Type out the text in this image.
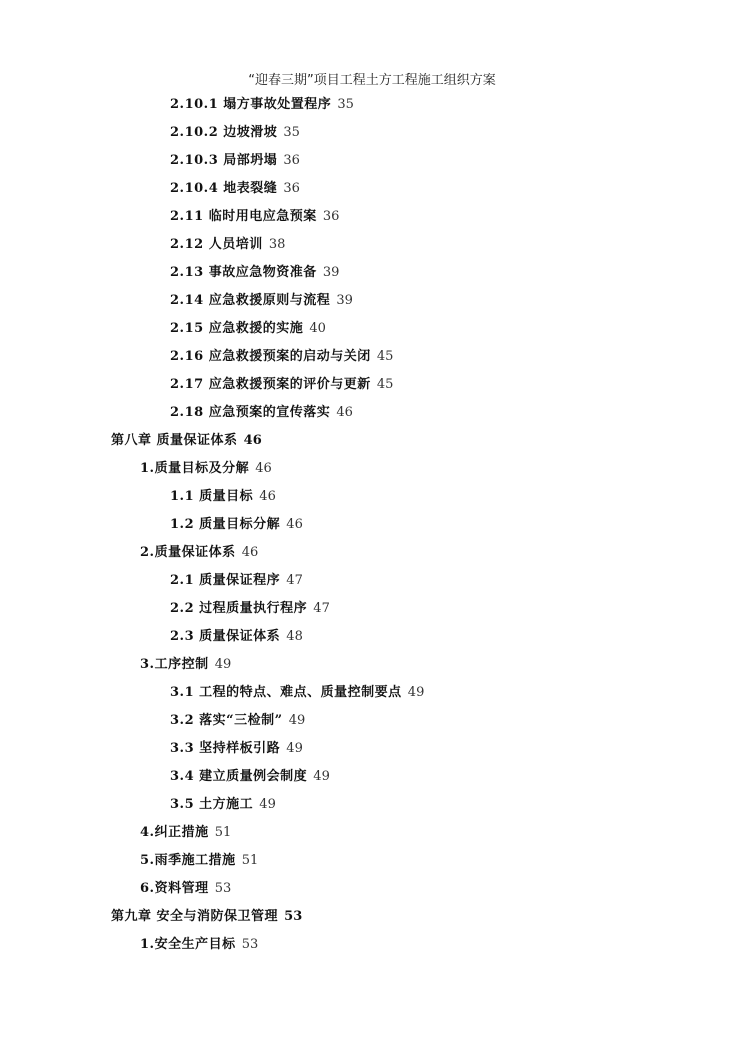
“迎春三期”项目工程土方工程施工组织方案
2.10.1 塌方事故处置程序 35
2.10.2 边坡滑坡 35
2.10.3 局部坍塌 36
2.10.4 地表裂缝 36
2.11 临时用电应急预案 36
2.12 人员培训 38
2.13 事故应急物资准备 39
2.14 应急救援原则与流程 39
2.15 应急救援的实施 40
2.16 应急救援预案的启动与关闭 45
2.17 应急救援预案的评价与更新 45
2.18 应急预案的宣传落实 46
第八章 质量保证体系 46
1.质量目标及分解 46
1.1 质量目标 46
1.2 质量目标分解 46
2.质量保证体系 46
2.1 质量保证程序 47
2.2 过程质量执行程序 47
2.3 质量保证体系 48
3.工序控制 49
3.1 工程的特点、难点、质量控制要点 49
3.2 落实“三检制” 49
3.3 坚持样板引路 49
3.4 建立质量例会制度 49
3.5 土方施工 49
4.纠正措施 51
5.雨季施工措施 51
6.资料管理 53
第九章 安全与消防保卫管理 53
1.安全生产目标 53
